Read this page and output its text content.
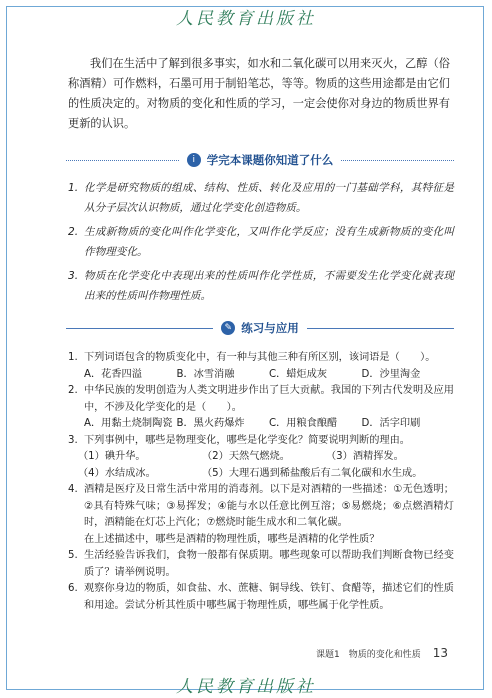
人民教育出版社

我们在生活中了解到很多事实，如水和二氧化碳可以用来灭火，乙醇（俗称酒精）可作燃料，石墨可用于制铅笔芯，等等。物质的这些用途都是由它们的性质决定的。对物质的变化和性质的学习，一定会使你对身边的物质世界有更新的认识。

i	学完本课题你知道了什么
1. 化学是研究物质的组成、结构、性质、转化及应用的一门基础学科，其特征是从分子层次认识物质，通过化学变化创造物质。
2. 生成新物质的变化叫作化学变化，又叫作化学反应；没有生成新物质的变化叫作物理变化。
3. 物质在化学变化中表现出来的性质叫作化学性质，不需要发生化学变化就表现出来的性质叫作物理性质。
✎ 练习与应用
1. 下列词语包含的物质变化中，有一种与其他三种有所区别，该词语是（　　）。
A．花香四溢	B．冰雪消融	C．蜡炬成灰	D．沙里淘金
2. 中华民族的发明创造为人类文明进步作出了巨大贡献。我国的下列古代发明及应用中，不涉及化学变化的是（　　）。
A．用黏土烧制陶瓷 B．黑火药爆炸	C．用粮食酿醋	D．活字印刷
3. 下列事例中，哪些是物理变化，哪些是化学变化？简要说明判断的理由。
（1）碘升华。	（2）天然气燃烧。	（3）酒精挥发。
（4）水结成冰。	（5）大理石遇到稀盐酸后有二氧化碳和水生成。
4. 酒精是医疗及日常生活中常用的消毒剂。以下是对酒精的一些描述：①无色透明；②具有特殊气味；③易挥发；④能与水以任意比例互溶；⑤易燃烧；⑥点燃酒精灯时，酒精能在灯芯上汽化；⑦燃烧时能生成水和二氧化碳。
在上述描述中，哪些是酒精的物理性质，哪些是酒精的化学性质？
5. 生活经验告诉我们，食物一般都有保质期。哪些现象可以帮助我们判断食物已经变质了？请举例说明。
6. 观察你身边的物质，如食盐、水、蔗糖、铜导线、铁钉、食醋等，描述它们的性质和用途。尝试分析其性质中哪些属于物理性质，哪些属于化学性质。
课题1　物质的变化和性质 13
人民教育出版社
